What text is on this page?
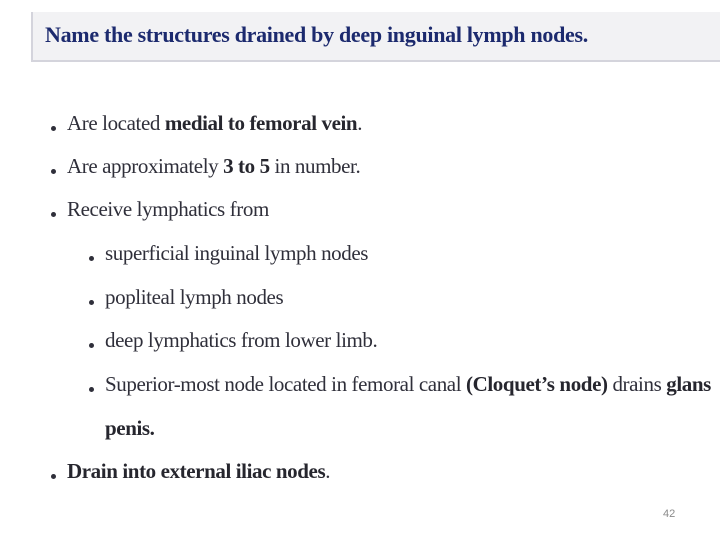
Name the structures drained by deep inguinal lymph nodes.
Are located medial to femoral vein.
Are approximately 3 to 5 in number.
Receive lymphatics from
superficial inguinal lymph nodes
popliteal lymph nodes
deep lymphatics from lower limb.
Superior-most node located in femoral canal (Cloquet’s node) drains glans
penis.
Drain into external iliac nodes.
42
